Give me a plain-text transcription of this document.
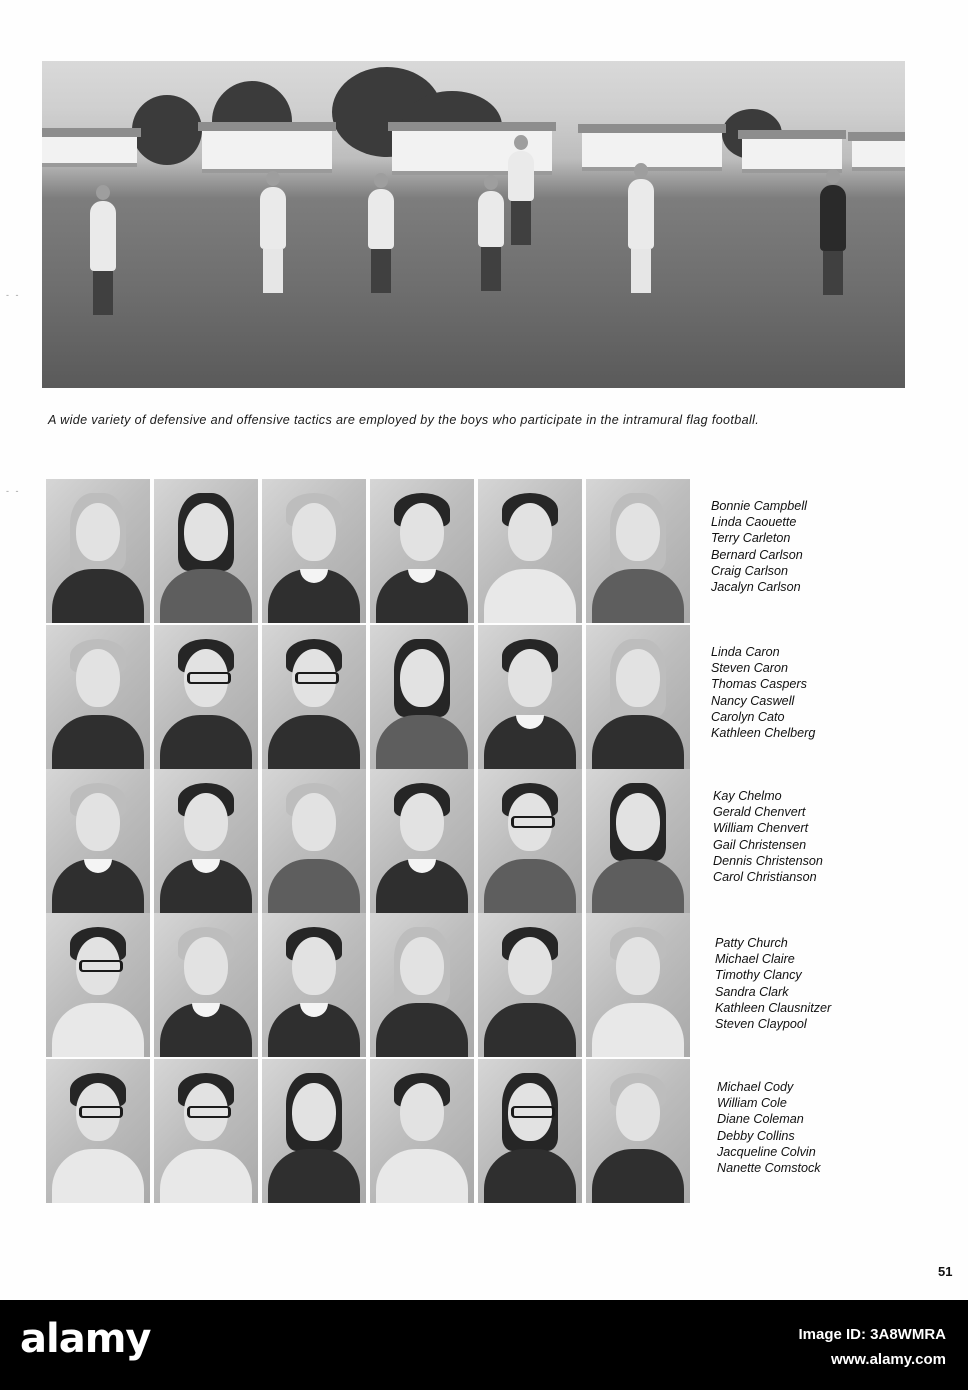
A wide variety of defensive and offensive tactics are employed by the boys who participate in the intramural flag football.

- -
- -
Bonnie Campbell
Linda Caouette
Terry Carleton
Bernard Carlson
Craig Carlson
Jacalyn Carlson
Linda Caron
Steven Caron
Thomas Caspers
Nancy Caswell
Carolyn Cato
Kathleen Chelberg
Kay Chelmo
Gerald Chenvert
William Chenvert
Gail Christensen
Dennis Christenson
Carol Christianson
Patty Church
Michael Claire
Timothy Clancy
Sandra Clark
Kathleen Clausnitzer
Steven Claypool
Michael Cody
William Cole
Diane Coleman
Debby Collins
Jacqueline Colvin
Nanette Comstock
51
alamy	Image ID: 3A8WMRA
www.alamy.com
